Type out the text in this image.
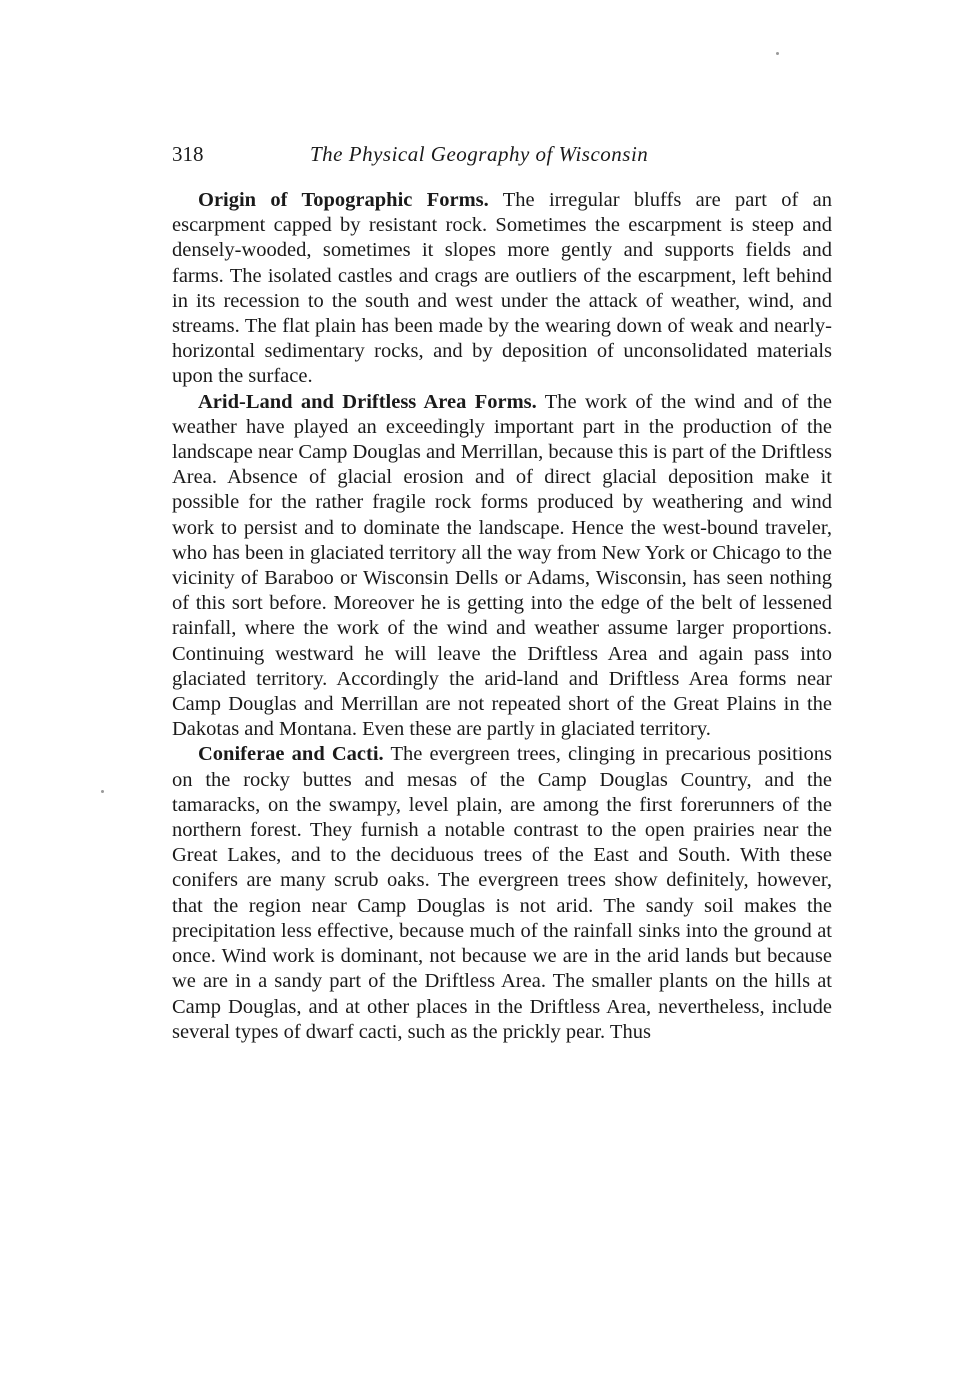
318	The Physical Geography of Wisconsin

Origin of Topographic Forms. The irregular bluffs are part of an escarpment capped by resistant rock. Sometimes the escarpment is steep and densely-wooded, sometimes it slopes more gently and supports fields and farms. The isolated castles and crags are outliers of the escarpment, left behind in its recession to the south and west under the attack of weather, wind, and streams. The flat plain has been made by the wearing down of weak and nearly-horizontal sedimentary rocks, and by deposition of unconsolidated materials upon the surface.

Arid-Land and Driftless Area Forms. The work of the wind and of the weather have played an exceedingly important part in the production of the landscape near Camp Douglas and Merrillan, because this is part of the Driftless Area. Absence of glacial erosion and of direct glacial deposition make it possible for the rather fragile rock forms produced by weathering and wind work to persist and to dominate the landscape. Hence the west-bound traveler, who has been in glaciated territory all the way from New York or Chicago to the vicinity of Baraboo or Wisconsin Dells or Adams, Wisconsin, has seen nothing of this sort before. Moreover he is getting into the edge of the belt of lessened rainfall, where the work of the wind and weather assume larger proportions. Continuing westward he will leave the Driftless Area and again pass into glaciated territory. Accordingly the arid-land and Driftless Area forms near Camp Douglas and Merrillan are not repeated short of the Great Plains in the Dakotas and Montana. Even these are partly in glaciated territory.

Coniferae and Cacti. The evergreen trees, clinging in precarious positions on the rocky buttes and mesas of the Camp Douglas Country, and the tamaracks, on the swampy, level plain, are among the first forerunners of the northern forest. They furnish a notable contrast to the open prairies near the Great Lakes, and to the deciduous trees of the East and South. With these conifers are many scrub oaks. The evergreen trees show definitely, however, that the region near Camp Douglas is not arid. The sandy soil makes the precipitation less effective, because much of the rainfall sinks into the ground at once. Wind work is dominant, not because we are in the arid lands but because we are in a sandy part of the Driftless Area. The smaller plants on the hills at Camp Douglas, and at other places in the Driftless Area, nevertheless, include several types of dwarf cacti, such as the prickly pear. Thus
